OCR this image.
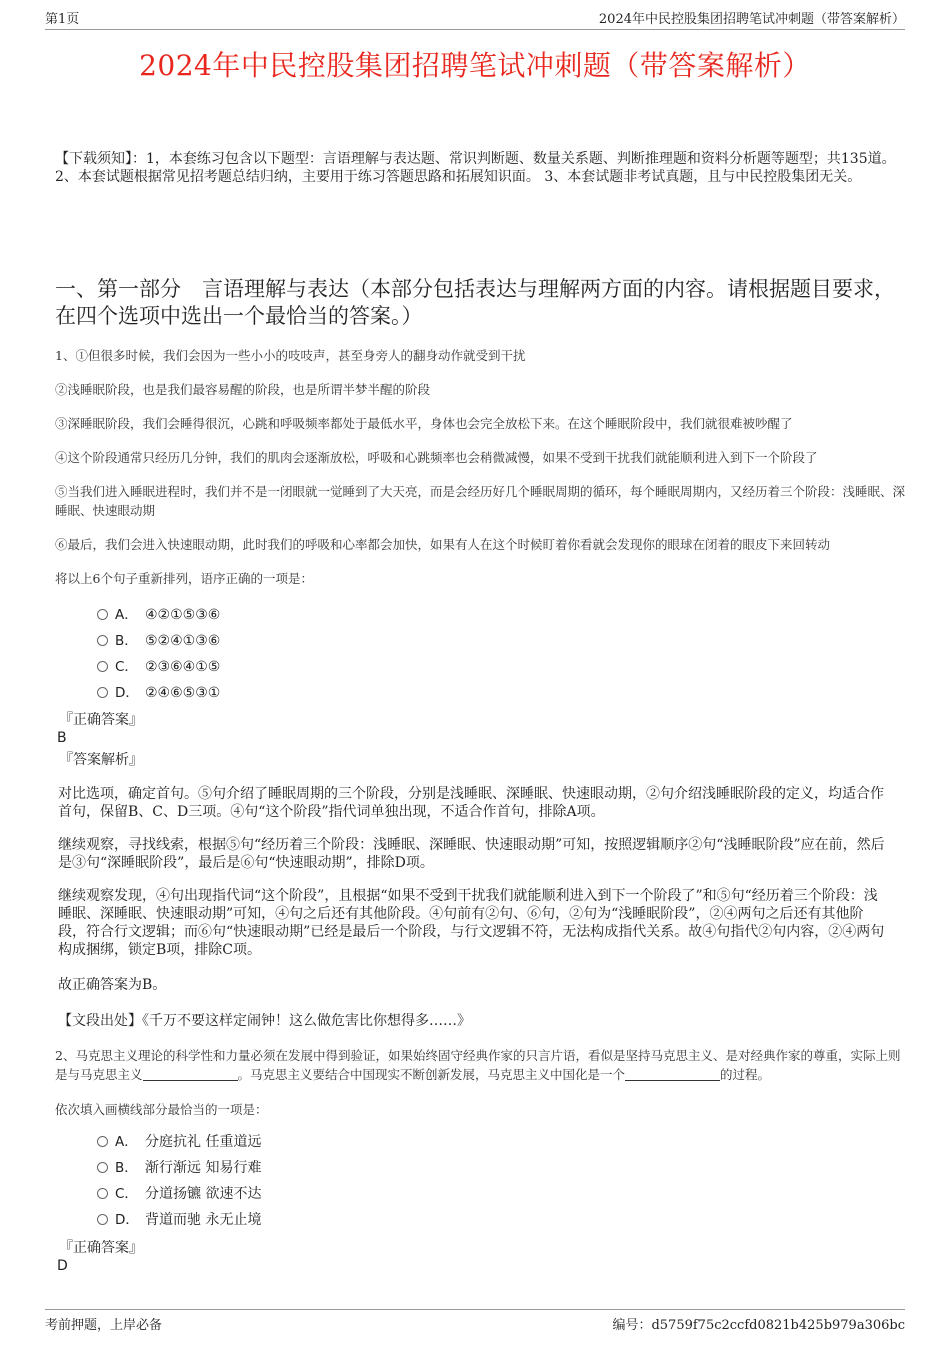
第1页	2024年中民控股集团招聘笔试冲刺题（带答案解析）
2024年中民控股集团招聘笔试冲刺题（带答案解析）
【下载须知】：1，本套练习包含以下题型：言语理解与表达题、常识判断题、数量关系题、判断推理题和资料分析题等题型；共135道。 2、本套试题根据常见招考题总结归纳，主要用于练习答题思路和拓展知识面。 3、本套试题非考试真题，且与中民控股集团无关。
一、第一部分　言语理解与表达（本部分包括表达与理解两方面的内容。请根据题目要求，在四个选项中选出一个最恰当的答案。）
1、①但很多时候，我们会因为一些小小的吱吱声，甚至身旁人的翻身动作就受到干扰
②浅睡眠阶段，也是我们最容易醒的阶段，也是所谓半梦半醒的阶段
③深睡眠阶段，我们会睡得很沉，心跳和呼吸频率都处于最低水平，身体也会完全放松下来。在这个睡眠阶段中，我们就很难被吵醒了
④这个阶段通常只经历几分钟，我们的肌肉会逐渐放松，呼吸和心跳频率也会稍微减慢，如果不受到干扰我们就能顺利进入到下一个阶段了
⑤当我们进入睡眠进程时，我们并不是一闭眼就一觉睡到了大天亮，而是会经历好几个睡眠周期的循环，每个睡眠周期内，又经历着三个阶段：浅睡眠、深睡眠、快速眼动期
⑥最后，我们会进入快速眼动期，此时我们的呼吸和心率都会加快，如果有人在这个时候盯着你看就会发现你的眼球在闭着的眼皮下来回转动
将以上6个句子重新排列，语序正确的一项是：
A． ④②①⑤③⑥
B． ⑤②④①③⑥
C． ②③⑥④①⑤
D． ②④⑥⑤③①
『正确答案』
B
『答案解析』
对比选项，确定首句。⑤句介绍了睡眠周期的三个阶段，分别是浅睡眠、深睡眠、快速眼动期，②句介绍浅睡眠阶段的定义，均适合作首句，保留B、C、D三项。④句“这个阶段”指代词单独出现，不适合作首句，排除A项。
继续观察，寻找线索，根据⑤句“经历着三个阶段：浅睡眠、深睡眠、快速眼动期”可知，按照逻辑顺序②句“浅睡眠阶段”应在前，然后是③句“深睡眠阶段”，最后是⑥句“快速眼动期”，排除D项。
继续观察发现，④句出现指代词“这个阶段”，且根据“如果不受到干扰我们就能顺利进入到下一个阶段了”和⑤句“经历着三个阶段：浅睡眠、深睡眠、快速眼动期”可知，④句之后还有其他阶段。④句前有②句、⑥句，②句为“浅睡眠阶段”，②④两句之后还有其他阶段，符合行文逻辑；而⑥句“快速眼动期”已经是最后一个阶段，与行文逻辑不符，无法构成指代关系。故④句指代②句内容，②④两句构成捆绑，锁定B项，排除C项。
故正确答案为B。
【文段出处】《千万不要这样定闹钟！这么做危害比你想得多……》
2、马克思主义理论的科学性和力量必须在发展中得到验证，如果始终固守经典作家的只言片语，看似是坚持马克思主义、是对经典作家的尊重，实际上则是与马克思主义	。马克思主义要结合中国现实不断创新发展，马克思主义中国化是一个	的过程。
依次填入画横线部分最恰当的一项是：
A． 分庭抗礼 任重道远
B． 渐行渐远 知易行难
C． 分道扬镳 欲速不达
D． 背道而驰 永无止境
『正确答案』
D
考前押题，上岸必备	编号：d5759f75c2ccfd0821b425b979a306bc
